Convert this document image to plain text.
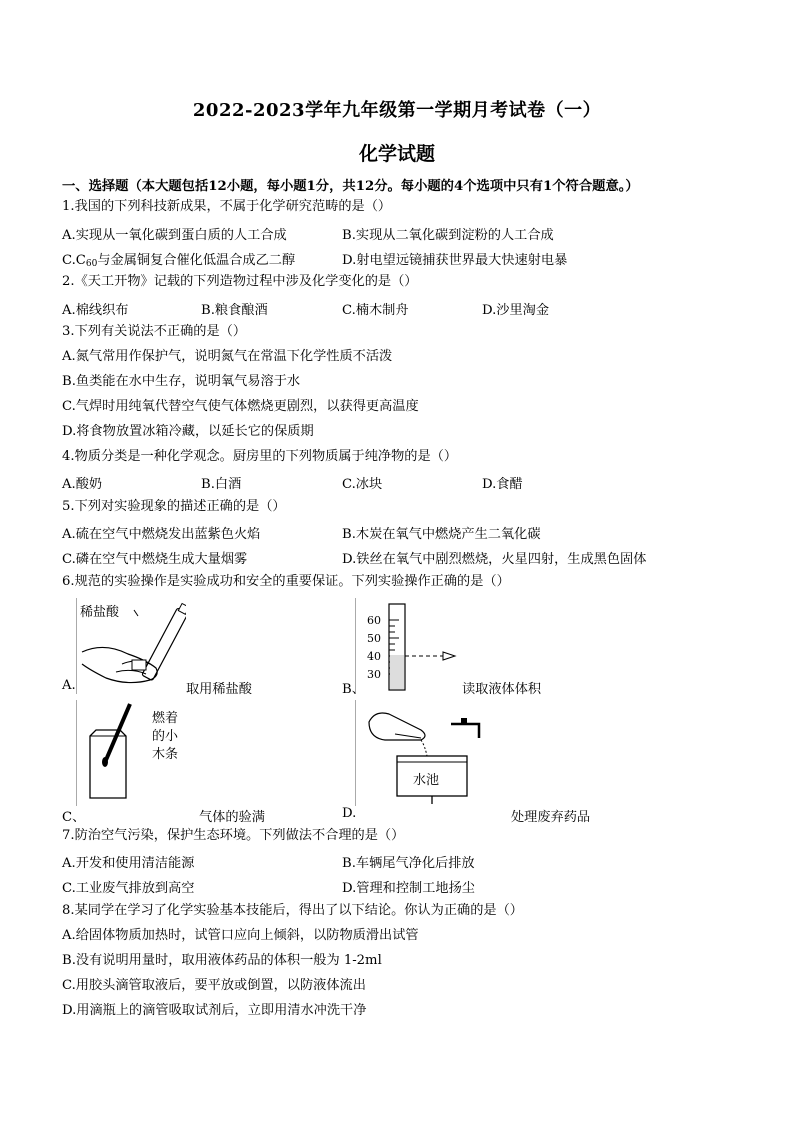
2022-2023学年九年级第一学期月考试卷（一）
化学试题
一、选择题（本大题包括12小题，每小题1分，共12分。每小题的4个选项中只有1个符合题意。）
1.我国的下列科技新成果，不属于化学研究范畴的是（）
A.实现从一氧化碳到蛋白质的人工合成	B.实现从二氧化碳到淀粉的人工合成
$C.C_{60}$与金属铜复合催化低温合成乙二醇	D.射电望远镜捕获世界最大快速射电暴
2.《天工开物》记载的下列造物过程中涉及化学变化的是（）
A.棉线织布	B.粮食酿酒	C.楠木制舟	D.沙里淘金
3.下列有关说法不正确的是（）
A.氮气常用作保护气，说明氮气在常温下化学性质不活泼
B.鱼类能在水中生存，说明氧气易溶于水
C.气焊时用纯氧代替空气使气体燃烧更剧烈，以获得更高温度
D.将食物放置冰箱冷藏，以延长它的保质期
4.物质分类是一种化学观念。厨房里的下列物质属于纯净物的是（）
A.酸奶	B.白酒	C.冰块	D.食醋
5.下列对实验现象的描述正确的是（）
A.硫在空气中燃烧发出蓝紫色火焰	B.木炭在氧气中燃烧产生二氧化碳
C.磷在空气中燃烧生成大量烟雾	D.铁丝在氧气中剧烈燃烧，火星四射，生成黑色固体
6.规范的实验操作是实验成功和安全的重要保证。下列实验操作正确的是（）
稀盐酸
A.	取用稀盐酸
60
50
40
30
B、	读取液体体积
燃着
的小
木条
C、	气体的验满
水池
D.	处理废弃药品
7.防治空气污染，保护生态环境。下列做法不合理的是（）
A.开发和使用清洁能源	B.车辆尾气净化后排放
C.工业废气排放到高空	D.管理和控制工地扬尘
8.某同学在学习了化学实验基本技能后，得出了以下结论。你认为正确的是（）
A.给固体物质加热时，试管口应向上倾斜，以防物质滑出试管
B.没有说明用量时，取用液体药品的体积一般为 1-2ml
C.用胶头滴管取液后，要平放或倒置，以防液体流出
D.用滴瓶上的滴管吸取试剂后，立即用清水冲洗干净
